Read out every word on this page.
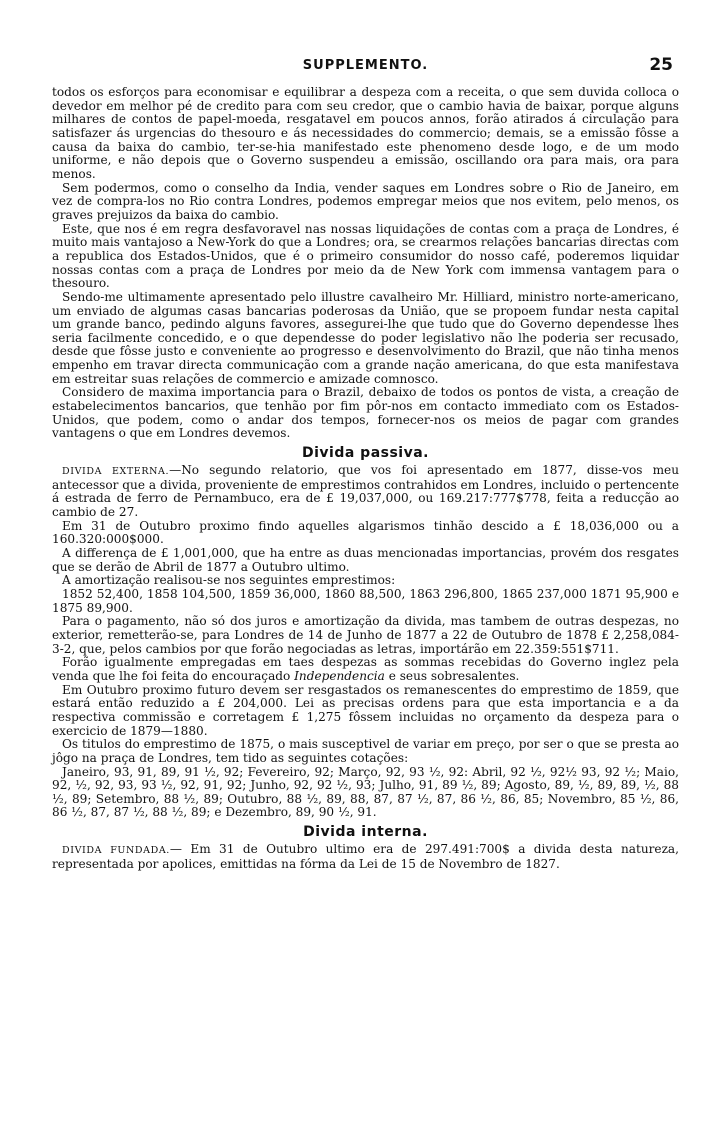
SUPPLEMENTO.	25

todos os esforços para economisar e equilibrar a despeza com a receita, o que sem duvida colloca o devedor em melhor pé de credito para com seu credor, que o cambio havia de baixar, porque alguns milhares de contos de papel-moeda, resgatavel em poucos annos, forão atirados á circulação para satisfazer ás urgencias do thesouro e ás necessidades do commercio; demais, se a emissão fôsse a causa da baixa do cambio, ter-se-hia manifestado este phenomeno desde logo, e de um modo uniforme, e não depois que o Governo suspendeu a emissão, oscillando ora para mais, ora para menos.

Sem podermos, como o conselho da India, vender saques em Londres sobre o Rio de Janeiro, em vez de compra-los no Rio contra Londres, podemos empregar meios que nos evitem, pelo menos, os graves prejuizos da baixa do cambio.

Este, que nos é em regra desfavoravel nas nossas liquidações de contas com a praça de Londres, é muito mais vantajoso a New-York do que a Londres; ora, se crearmos relações bancarias directas com a republica dos Estados-Unidos, que é o primeiro consumidor do nosso café, poderemos liquidar nossas contas com a praça de Londres por meio da de New York com immensa vantagem para o thesouro.

Sendo-me ultimamente apresentado pelo illustre cavalheiro Mr. Hilliard, ministro norte-americano, um enviado de algumas casas bancarias poderosas da União, que se propoem fundar nesta capital um grande banco, pedindo alguns favores, assegurei-lhe que tudo que do Governo dependesse lhes seria facilmente concedido, e o que dependesse do poder legislativo não lhe poderia ser recusado, desde que fôsse justo e conveniente ao progresso e desenvolvimento do Brazil, que não tinha menos empenho em travar directa communicação com a grande nação americana, do que esta manifestava em estreitar suas relações de commercio e amizade comnosco.

Considero de maxima importancia para o Brazil, debaixo de todos os pontos de vista, a creação de estabelecimentos bancarios, que tenhão por fim pôr-nos em contacto immediato com os Estados-Unidos, que podem, como o andar dos tempos, fornecer-nos os meios de pagar com grandes vantagens o que em Londres devemos.

Divida passiva.

DIVIDA EXTERNA.—No segundo relatorio, que vos foi apresentado em 1877, disse-vos meu antecessor que a divida, proveniente de emprestimos contrahidos em Londres, incluido o pertencente á estrada de ferro de Pernambuco, era de £ 19,037,000, ou 169.217:777$778, feita a reducção ao cambio de 27.

Em 31 de Outubro proximo findo aquelles algarismos tinhão descido a £ 18,036,000 ou a 160.320:000$000.

A differença de £ 1,001,000, que ha entre as duas mencionadas importancias, provém dos resgates que se derão de Abril de 1877 a Outubro ultimo.

A amortização realisou-se nos seguintes emprestimos:

1852 52,400, 1858 104,500, 1859 36,000, 1860 88,500, 1863 296,800, 1865 237,000 1871 95,900 e 1875 89,900.

Para o pagamento, não só dos juros e amortização da divida, mas tambem de outras despezas, no exterior, remetterão-se, para Londres de 14 de Junho de 1877 a 22 de Outubro de 1878 £ 2,258,084-3-2, que, pelos cambios por que forão negociadas as letras, importárão em 22.359:551$711.

Forão igualmente empregadas em taes despezas as sommas recebidas do Governo inglez pela venda que lhe foi feita do encouraçado Independencia e seus sobresalentes.

Em Outubro proximo futuro devem ser resgastados os remanescentes do emprestimo de 1859, que estará então reduzido a £ 204,000. Lei as precisas ordens para que esta importancia e a da respectiva commissão e corretagem £ 1,275 fôssem incluidas no orçamento da despeza para o exercicio de 1879—1880.

Os titulos do emprestimo de 1875, o mais susceptivel de variar em preço, por ser o que se presta ao jôgo na praça de Londres, tem tido as seguintes cotações:

Janeiro, 93, 91, 89, 91 ½, 92; Fevereiro, 92; Março, 92, 93 ½, 92: Abril, 92 ½, 92½ 93, 92 ½; Maio, 92, ½, 92, 93, 93 ½, 92, 91, 92; Junho, 92, 92 ½, 93; Julho, 91, 89 ½, 89; Agosto, 89, ½, 89, 89, ½, 88 ½, 89; Setembro, 88 ½, 89; Outubro, 88 ½, 89, 88, 87, 87 ½, 87, 86 ½, 86, 85; Novembro, 85 ½, 86, 86 ½, 87, 87 ½, 88 ½, 89; e Dezembro, 89, 90 ½, 91.

Divida interna.

DIVIDA FUNDADA.— Em 31 de Outubro ultimo era de 297.491:700$ a divida desta natureza, representada por apolices, emittidas na fórma da Lei de 15 de Novembro de 1827.
